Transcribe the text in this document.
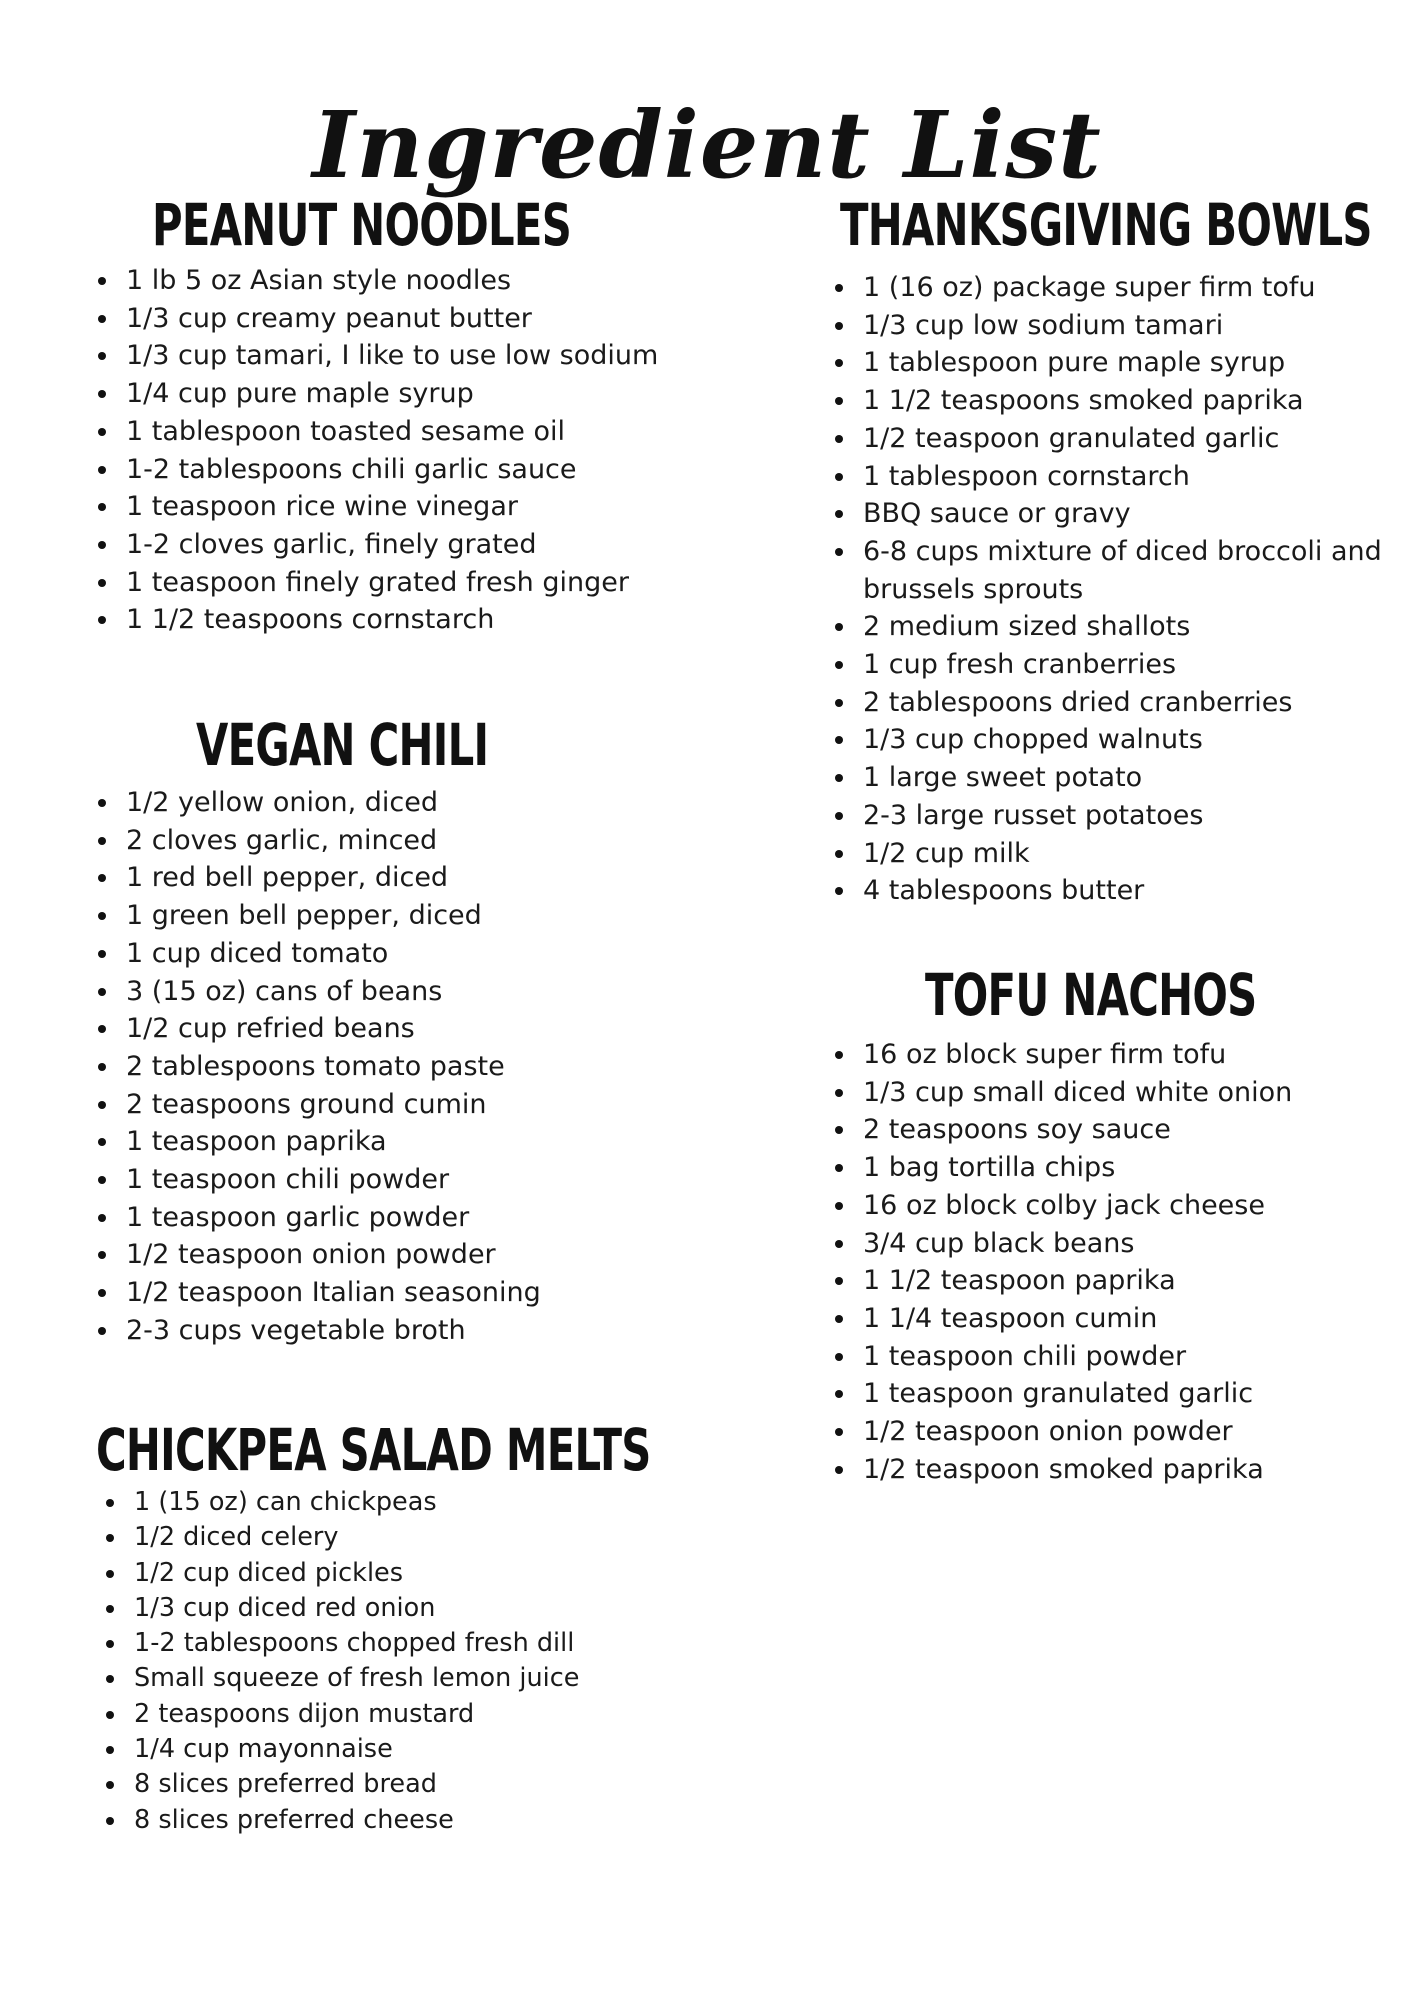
Ingredient List
PEANUT NOODLES
1 lb 5 oz Asian style noodles
1/3 cup creamy peanut butter
1/3 cup tamari, I like to use low sodium
1/4 cup pure maple syrup
1 tablespoon toasted sesame oil
1-2 tablespoons chili garlic sauce
1 teaspoon rice wine vinegar
1-2 cloves garlic, finely grated
1 teaspoon finely grated fresh ginger
1 1/2 teaspoons cornstarch
VEGAN CHILI
1/2 yellow onion, diced
2 cloves garlic, minced
1 red bell pepper, diced
1 green bell pepper, diced
1 cup diced tomato
3 (15 oz) cans of beans
1/2 cup refried beans
2 tablespoons tomato paste
2 teaspoons ground cumin
1 teaspoon paprika
1 teaspoon chili powder
1 teaspoon garlic powder
1/2 teaspoon onion powder
1/2 teaspoon Italian seasoning
2-3 cups vegetable broth
CHICKPEA SALAD MELTS
1 (15 oz) can chickpeas
1/2 diced celery
1/2 cup diced pickles
1/3 cup diced red onion
1-2 tablespoons chopped fresh dill
Small squeeze of fresh lemon juice
2 teaspoons dijon mustard
1/4 cup mayonnaise
8 slices preferred bread
8 slices preferred cheese
THANKSGIVING BOWLS
1 (16 oz) package super firm tofu
1/3 cup low sodium tamari
1 tablespoon pure maple syrup
1 1/2 teaspoons smoked paprika
1/2 teaspoon granulated garlic
1 tablespoon cornstarch
BBQ sauce or gravy
6-8 cups mixture of diced broccoli and brussels sprouts
2 medium sized shallots
1 cup fresh cranberries
2 tablespoons dried cranberries
1/3 cup chopped walnuts
1 large sweet potato
2-3 large russet potatoes
1/2 cup milk
4 tablespoons butter
TOFU NACHOS
16 oz block super firm tofu
1/3 cup small diced white onion
2 teaspoons soy sauce
1 bag tortilla chips
16 oz block colby jack cheese
3/4 cup black beans
1 1/2 teaspoon paprika
1 1/4 teaspoon cumin
1 teaspoon chili powder
1 teaspoon granulated garlic
1/2 teaspoon onion powder
1/2 teaspoon smoked paprika
